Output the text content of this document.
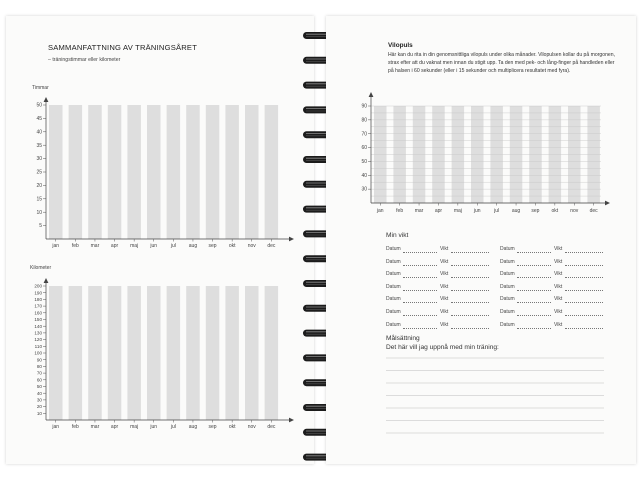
SAMMANFATTNING AV TRÄNINGSÅRET
– träningstimmar eller kilometer
Timmar
5
10
15
20
25
30
35
40
45
50
jan	feb mar apr maj jun	jul	aug sep okt nov dec
Kilometer
10
20
30
40
50
60
70
80
90
100
110
120
130
140
150
160
170
180
190
200
jan	feb mar apr maj jun	jul	aug sep okt nov dec
Vilopuls
Här kan du rita in din genomsnittliga vilopuls under olika månader. Vilopulsen kollar du på morgonen, strax efter att du vaknat men innan du stigit upp. Ta den med pek- och lång-finger på handleden eller på halsen i 60 sekunder (eller i 15 sekunder och multiplicera resultatet med fyra).
Min vikt
Datum	Vikt	Datum	Vikt
Datum	Vikt	Datum	Vikt
Datum	Vikt	Datum	Vikt
Datum	Vikt	Datum	Vikt
Datum	Vikt	Datum	Vikt
Datum	Vikt	Datum	Vikt
Datum	Vikt	Datum	Vikt
Målsättning
Det här vill jag uppnå med min träning:
30
40
50
60
70
80
90
jan	feb mar apr maj jun	jul	aug sep okt nov dec
